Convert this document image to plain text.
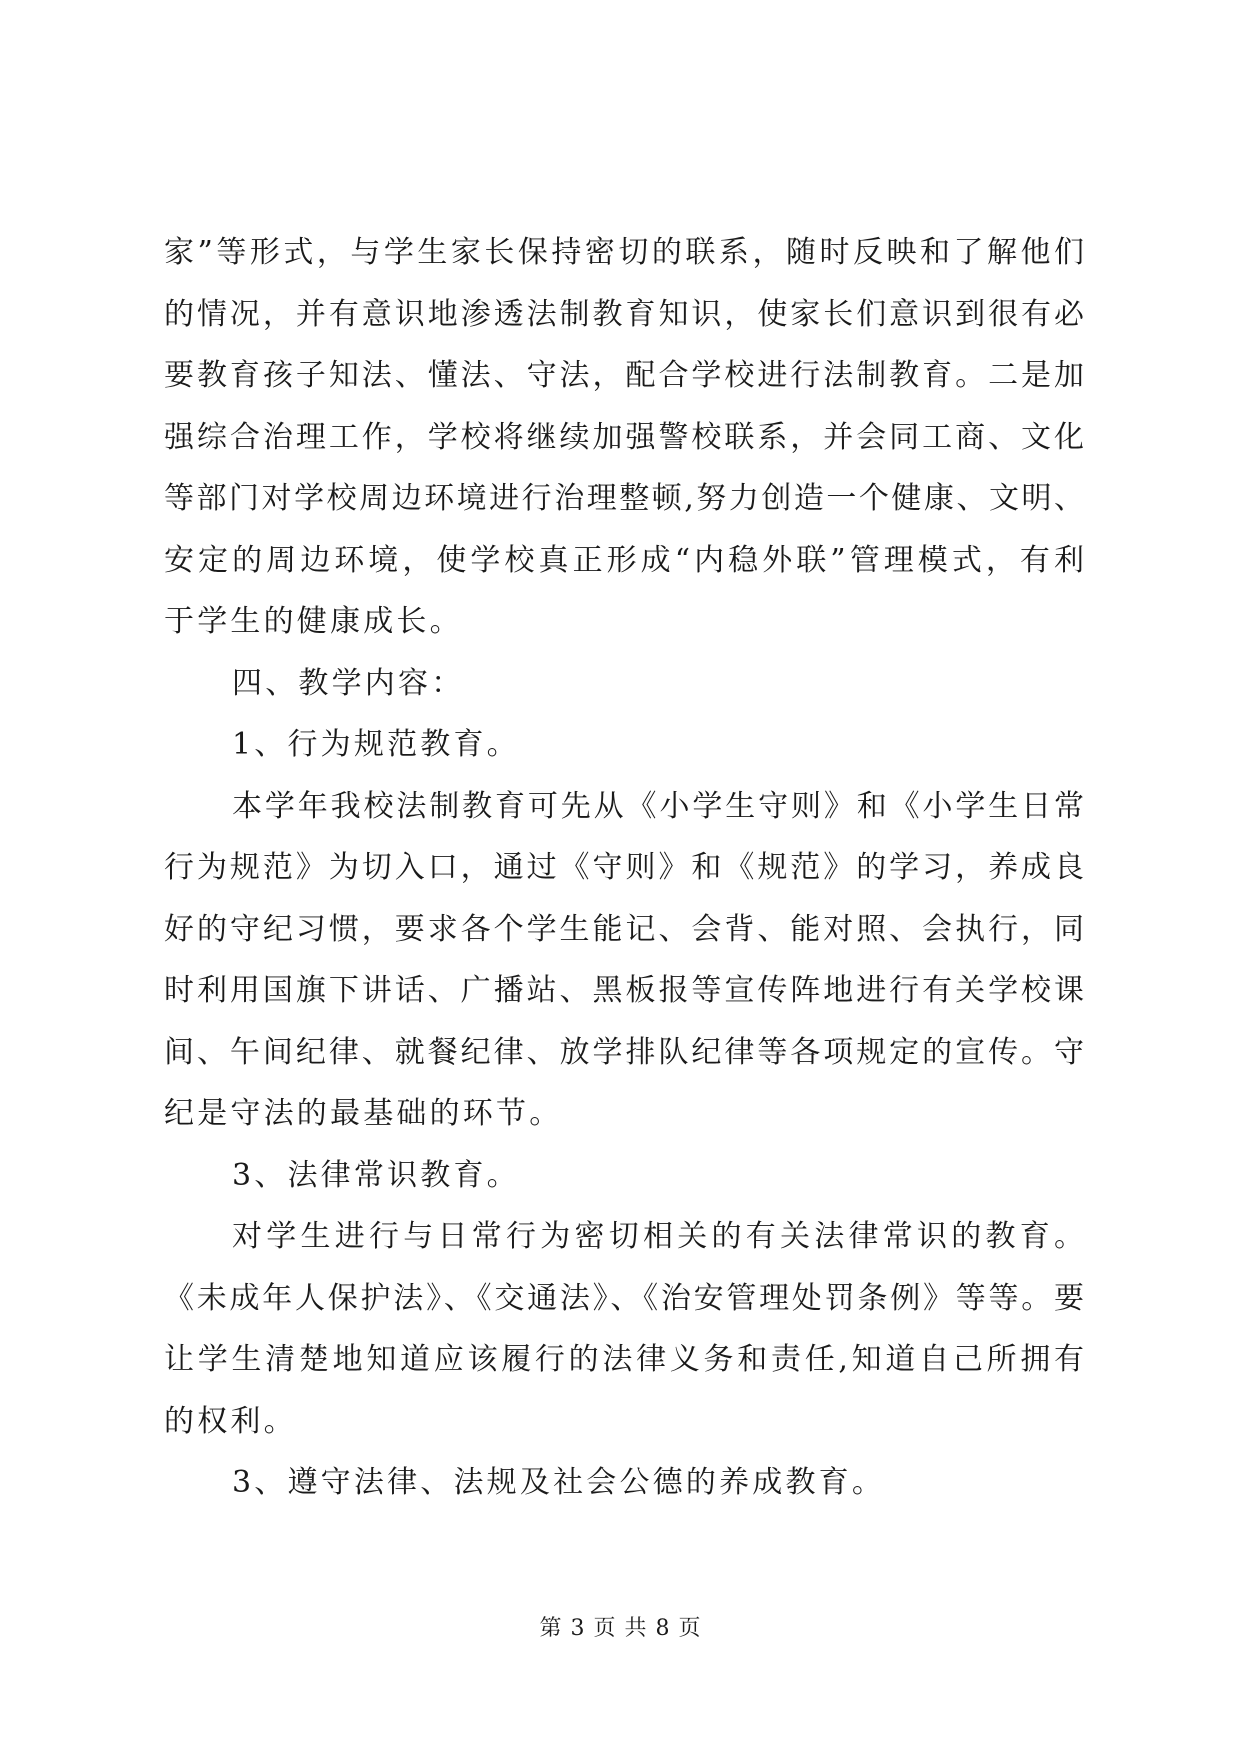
家”等形式，与学生家长保持密切的联系，随时反映和了解他们
的情况，并有意识地渗透法制教育知识，使家长们意识到很有必
要教育孩子知法、懂法、守法，配合学校进行法制教育。二是加
强综合治理工作，学校将继续加强警校联系，并会同工商、文化
等部门对学校周边环境进行治理整顿,努力创造一个健康、文明、
安定的周边环境，使学校真正形成“内稳外联”管理模式，有利
于学生的健康成长。
四、教学内容：
1、行为规范教育。
本学年我校法制教育可先从《小学生守则》和《小学生日常
行为规范》为切入口，通过《守则》和《规范》的学习，养成良
好的守纪习惯，要求各个学生能记、会背、能对照、会执行，同
时利用国旗下讲话、广播站、黑板报等宣传阵地进行有关学校课
间、午间纪律、就餐纪律、放学排队纪律等各项规定的宣传。守
纪是守法的最基础的环节。
3、法律常识教育。
对学生进行与日常行为密切相关的有关法律常识的教育。
《未成年人保护法》、《交通法》、《治安管理处罚条例》等等。要
让学生清楚地知道应该履行的法律义务和责任,知道自己所拥有
的权利。
3、遵守法律、法规及社会公德的养成教育。
第 3 页 共 8 页
